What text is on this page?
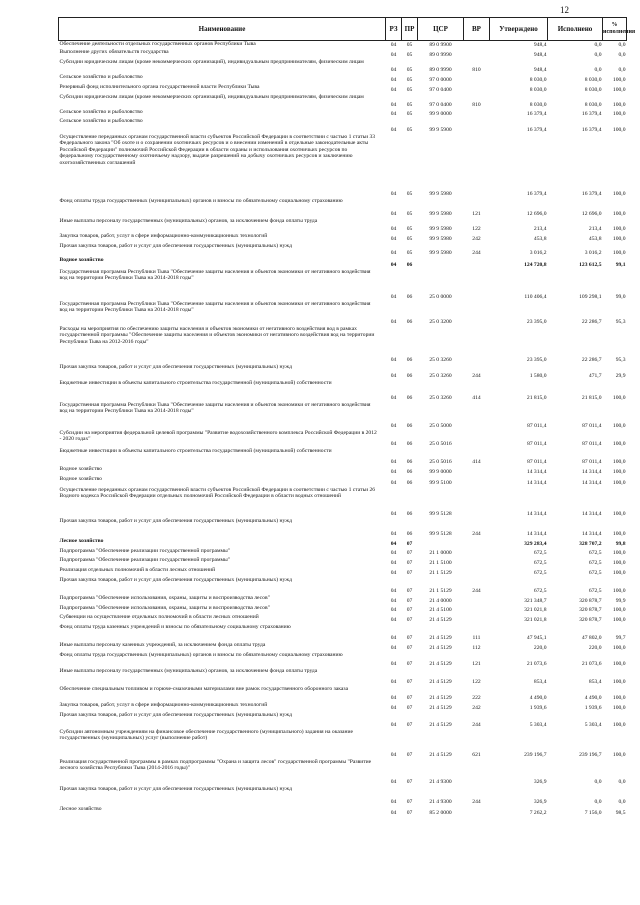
12
Наименование	РЗ	ПР	ЦСР	ВР	Утверждено	Исполнено	% исполнения
Обеспечение деятельности отдельных государственных органов Республики Тыва	04	05	89 0 9900		948,4	0,0	0,0
Выполнение других обязательств государства	04	05	89 0 9990		948,4	0,0	0,0
Субсидии юридическим лицам (кроме некоммерческих организаций), индивидуальным предпринимателям, физическим лицам	04	05	89 0 9990	810	948,4	0,0	0,0
Сельское хозяйство и рыболовство	04	05	97 0 0000		8 030,0	8 030,0	100,0
Резервный фонд исполнительного органа государственной власти Республики Тыва	04	05	97 0 0400		8 030,0	8 030,0	100,0
Субсидии юридическим лицам (кроме некоммерческих организаций), индивидуальным предпринимателям, физическим лицам	04	05	97 0 0400	810	8 030,0	8 030,0	100,0
Сельское хозяйство и рыболовство	04	05	99 9 0000		16 379,4	16 379,4	100,0
Сельское хозяйство и рыболовство	04	05	99 9 5900		16 379,4	16 379,4	100,0
Осуществление переданных органам государственной власти субъектов Российской Федерации в соответствии с частью 1 статьи 33 Федерального закона "Об охоте и о сохранении охотничьих ресурсов и о внесении изменений в отдельные законодательные акты Российской Федерации" полномочий Российской Федерации в области охраны и использования охотничьих ресурсов по федеральному государственному охотничьему надзору, выдаче разрешений на добычу охотничьих ресурсов и заключению охотхозяйственных соглашений	04	05	99 9 5980		16 379,4	16 379,4	100,0
Фонд оплаты труда государственных (муниципальных) органов и взносы по обязательному социальному страхованию	04	05	99 9 5980	121	12 696,0	12 696,0	100,0
Иные выплаты персоналу государственных (муниципальных) органов, за исключением фонда оплаты труда	04	05	99 9 5980	122	213,4	213,4	100,0
Закупка товаров, работ, услуг в сфере информационно-коммуникационных технологий	04	05	99 9 5980	242	453,8	453,8	100,0
Прочая закупка товаров, работ и услуг для обеспечения государственных (муниципальных) нужд	04	05	99 9 5980	244	3 016,2	3 016,2	100,0
Водное хозяйство	04	06			124 720,8	123 612,5	99,1
Государственная программа Республики Тыва "Обеспечение защиты населения и объектов экономики от негативного воздействия вод на территории Республики Тыва на 2014-2018 годы"	04	06	25 0 0000		110 406,4	109 298,1	99,0
Государственная программа Республики Тыва "Обеспечение защиты населения и объектов экономики от негативного воздействия вод на территории Республики Тыва на 2014-2018 годы"	04	06	25 0 3200		23 395,0	22 286,7	95,3
Расходы на мероприятия по обеспечению защиты населения и объектов экономики от негативного воздействия вод в рамках государственной программы "Обеспечение защиты населения и объектов экономики от негативного воздействия вод на территории Республики Тыва на 2012-2016 годы"	04	06	25 0 3260		23 395,0	22 286,7	95,3
Прочая закупка товаров, работ и услуг для обеспечения государственных (муниципальных) нужд	04	06	25 0 3260	244	1 580,0	471,7	29,9
Бюджетные инвестиции в объекты капитального строительства государственной (муниципальной) собственности	04	06	25 0 3260	414	21 815,0	21 815,0	100,0
Государственная программа Республики Тыва "Обеспечение защиты населения и объектов экономики от негативного воздействия вод на территории Республики Тыва на 2014-2018 годы"	04	06	25 0 5000		87 011,4	87 011,4	100,0
Субсидии на мероприятия федеральной целевой программы "Развитие водохозяйственного комплекса Российской Федерации в 2012 - 2020 годах"	04	06	25 0 5016		87 011,4	87 011,4	100,0
Бюджетные инвестиции в объекты капитального строительства государственной (муниципальной) собственности	04	06	25 0 5016	414	87 011,4	87 011,4	100,0
Водное хозяйство	04	06	99 9 0000		14 314,4	14 314,4	100,0
Водное хозяйство	04	06	99 9 5100		14 314,4	14 314,4	100,0
Осуществление переданных органам государственной власти субъектов Российской Федерации в соответствии с частью 1 статьи 26 Водного кодекса Российской Федерации отдельных полномочий Российской Федерации в области водных отношений	04	06	99 9 5128		14 314,4	14 314,4	100,0
Прочая закупка товаров, работ и услуг для обеспечения государственных (муниципальных) нужд	04	06	99 9 5128	244	14 314,4	14 314,4	100,0
Лесное хозяйство	04	07			329 283,4	328 707,2	99,8
Подпрограмма "Обеспечение реализации государственной программы"	04	07	21 1 0000		672,5	672,5	100,0
Подпрограмма "Обеспечение реализации государственной программы"	04	07	21 1 5100		672,5	672,5	100,0
Реализация отдельных полномочий в области лесных отношений	04	07	21 1 5129		672,5	672,5	100,0
Прочая закупка товаров, работ и услуг для обеспечения государственных (муниципальных) нужд	04	07	21 1 5129	244	672,5	672,5	100,0
Подпрограмма "Обеспечение использования, охраны, защиты и воспроизводства лесов"	04	07	21 4 0000		321 348,7	320 878,7	99,9
Подпрограмма "Обеспечение использования, охраны, защиты и воспроизводства лесов"	04	07	21 4 5100		321 021,8	320 878,7	100,0
Субвенции на осуществление отдельных полномочий в области лесных отношений	04	07	21 4 5129		321 021,8	320 878,7	100,0
Фонд оплаты труда казенных учреждений и взносы по обязательному социальному страхованию	04	07	21 4 5129	111	47 945,1	47 802,0	99,7
Иные выплаты персоналу казенных учреждений, за исключением фонда оплаты труда	04	07	21 4 5129	112	220,0	220,0	100,0
Фонд оплаты труда государственных (муниципальных) органов и взносы по обязательному социальному страхованию	04	07	21 4 5129	121	21 073,6	21 073,6	100,0
Иные выплаты персоналу государственных (муниципальных) органов, за исключением фонда оплаты труда	04	07	21 4 5129	122	853,4	853,4	100,0
Обеспечение специальным топливом и горюче-смазочными материалами вне рамок государственного оборонного заказа	04	07	21 4 5129	222	4 490,0	4 490,0	100,0
Закупка товаров, работ, услуг в сфере информационно-коммуникационных технологий	04	07	21 4 5129	242	1 939,6	1 939,6	100,0
Прочая закупка товаров, работ и услуг для обеспечения государственных (муниципальных) нужд	04	07	21 4 5129	244	5 303,4	5 303,4	100,0
Субсидии автономным учреждениям на финансовое обеспечение государственного (муниципального) задания на оказание государственных (муниципальных) услуг (выполнение работ)	04	07	21 4 5129	621	239 196,7	239 196,7	100,0
Реализация государственной программы в рамках подпрограммы "Охрана и защита лесов" государственной программы "Развитие лесного хозяйства Республики Тыва (2014-2016 годы)"	04	07	21 4 9300		326,9	0,0	0,0
Прочая закупка товаров, работ и услуг для обеспечения государственных (муниципальных) нужд	04	07	21 4 9300	244	326,9	0,0	0,0
Лесное хозяйство	04	07	85 2 0000		7 262,2	7 156,0	98,5
